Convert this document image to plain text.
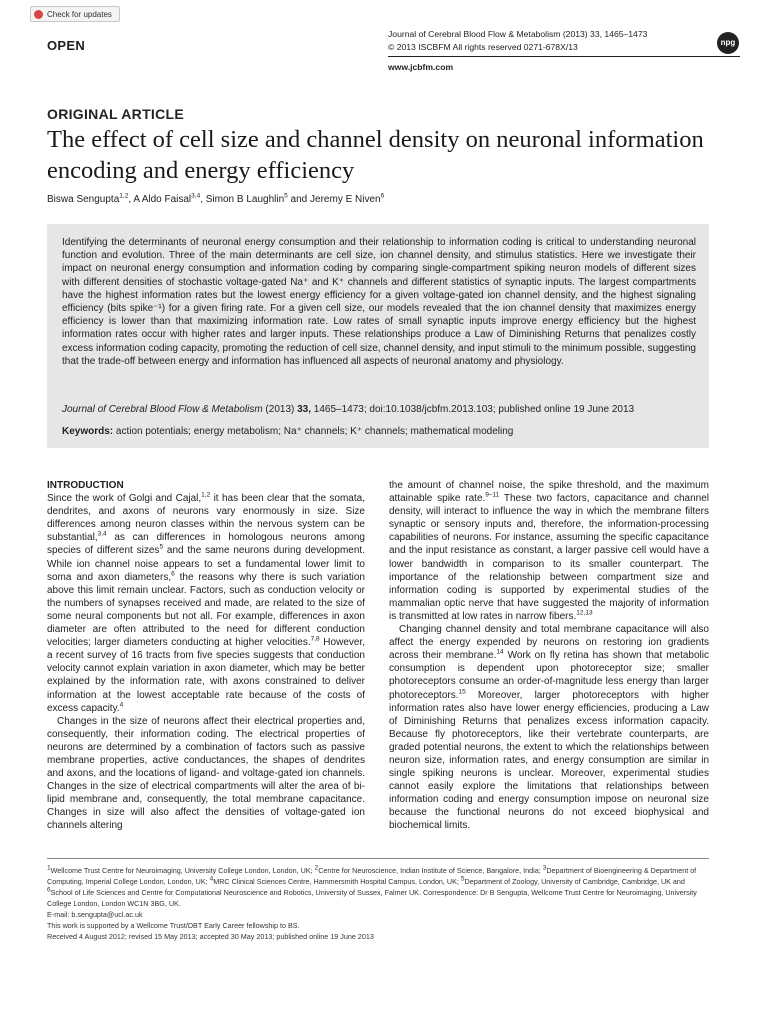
Check for updates
OPEN
Journal of Cerebral Blood Flow & Metabolism (2013) 33, 1465–1473
© 2013 ISCBFM All rights reserved 0271-678X/13	npg
www.jcbfm.com
ORIGINAL ARTICLE
The effect of cell size and channel density on neuronal information encoding and energy efficiency
Biswa Sengupta$^{1,2}$, A Aldo Faisal$^{3,4}$, Simon B Laughlin$^5$ and Jeremy E Niven$^6$
Identifying the determinants of neuronal energy consumption and their relationship to information coding is critical to understanding neuronal function and evolution. Three of the main determinants are cell size, ion channel density, and stimulus statistics. Here we investigate their impact on neuronal energy consumption and information coding by comparing single-compartment spiking neuron models of different sizes with different densities of stochastic voltage-gated Na⁺ and K⁺ channels and different statistics of synaptic inputs. The largest compartments have the highest information rates but the lowest energy efficiency for a given voltage-gated ion channel density, and the highest signaling efficiency (bits spike⁻¹) for a given firing rate. For a given cell size, our models revealed that the ion channel density that maximizes energy efficiency is lower than that maximizing information rate. Low rates of small synaptic inputs improve energy efficiency but the highest information rates occur with higher rates and larger inputs. These relationships produce a Law of Diminishing Returns that penalizes costly excess information coding capacity, promoting the reduction of cell size, channel density, and input stimuli to the minimum possible, suggesting that the trade-off between energy and information has influenced all aspects of neuronal anatomy and physiology.
Journal of Cerebral Blood Flow & Metabolism (2013) 33, 1465–1473; doi:10.1038/jcbfm.2013.103; published online 19 June 2013
Keywords: action potentials; energy metabolism; Na⁺ channels; K⁺ channels; mathematical modeling
INTRODUCTION

Since the work of Golgi and Cajal,$^{1,2}$ it has been clear that the somata, dendrites, and axons of neurons vary enormously in size. Size differences among neuron classes within the nervous system can be substantial,$^{3,4}$ as can differences in homologous neurons among species of different sizes$^5$ and the same neurons during development. While ion channel noise appears to set a fundamental lower limit to soma and axon diameters,$^6$ the reasons why there is such variation above this limit remain unclear. Factors, such as conduction velocity or the numbers of synapses received and made, are related to the size of some neural components but not all. For example, differences in axon diameter are often attributed to the need for different conduction velocities; larger diameters conducting at higher velocities.$^{7,8}$ However, a recent survey of 16 tracts from five species suggests that conduction velocity cannot explain variation in axon diameter, which may be better explained by the information rate, with axons constrained to deliver information at the lowest acceptable rate because of the costs of excess capacity.$^4$

Changes in the size of neurons affect their electrical properties and, consequently, their information coding. The electrical properties of neurons are determined by a combination of factors such as passive membrane properties, active conductances, the shapes of dendrites and axons, and the locations of ligand- and voltage-gated ion channels. Changes in the size of electrical compartments will alter the area of bi-lipid membrane and, consequently, the total membrane capacitance. Changes in size will also affect the densities of voltage-gated ion channels altering

the amount of channel noise, the spike threshold, and the maximum attainable spike rate.$^{9-11}$ These two factors, capacitance and channel density, will interact to influence the way in which the membrane filters synaptic or sensory inputs and, therefore, the information-processing capabilities of neurons. For instance, assuming the specific capacitance and the input resistance as constant, a larger passive cell would have a lower bandwidth in comparison to its smaller counterpart. The importance of the relationship between compartment size and information coding is supported by experimental studies of the mammalian optic nerve that have suggested the majority of information is transmitted at low rates in narrow fibers.$^{12,13}$

Changing channel density and total membrane capacitance will also affect the energy expended by neurons on restoring ion gradients across their membrane.$^{14}$ Work on fly retina has shown that metabolic consumption is dependent upon photoreceptor size; smaller photoreceptors consume an order-of-magnitude less energy than larger photoreceptors.$^{15}$ Moreover, larger photoreceptors with higher information rates also have lower energy efficiencies, producing a Law of Diminishing Returns that penalizes excess information capacity. Because fly photoreceptors, like their vertebrate counterparts, are graded potential neurons, the extent to which the relationships between neuron size, information rates, and energy consumption are similar in single spiking neurons is unclear. Moreover, experimental studies cannot easily explore the limitations that relationships between information coding and energy consumption impose on neuronal size because the functional neurons do not exceed biophysical and biochemical limits.

$^1$Wellcome Trust Centre for Neuroimaging, University College London, London, UK; $^2$Centre for Neuroscience, Indian Institute of Science, Bangalore, India; $^3$Department of Bioengineering & Department of Computing, Imperial College London, London, UK; $^4$MRC Clinical Sciences Centre, Hammersmith Hospital Campus, London, UK; $^5$Department of Zoology, University of Cambridge, Cambridge, UK and $^6$School of Life Sciences and Centre for Computational Neuroscience and Robotics, University of Sussex, Falmer UK. Correspondence: Dr B Sengupta, Wellcome Trust Centre for Neuroimaging, University College London, London WC1N 3BG, UK.

E-mail: b.sengupta@ucl.ac.uk

This work is supported by a Wellcome Trust/DBT Early Career fellowship to BS.

Received 4 August 2012; revised 15 May 2013; accepted 30 May 2013; published online 19 June 2013
